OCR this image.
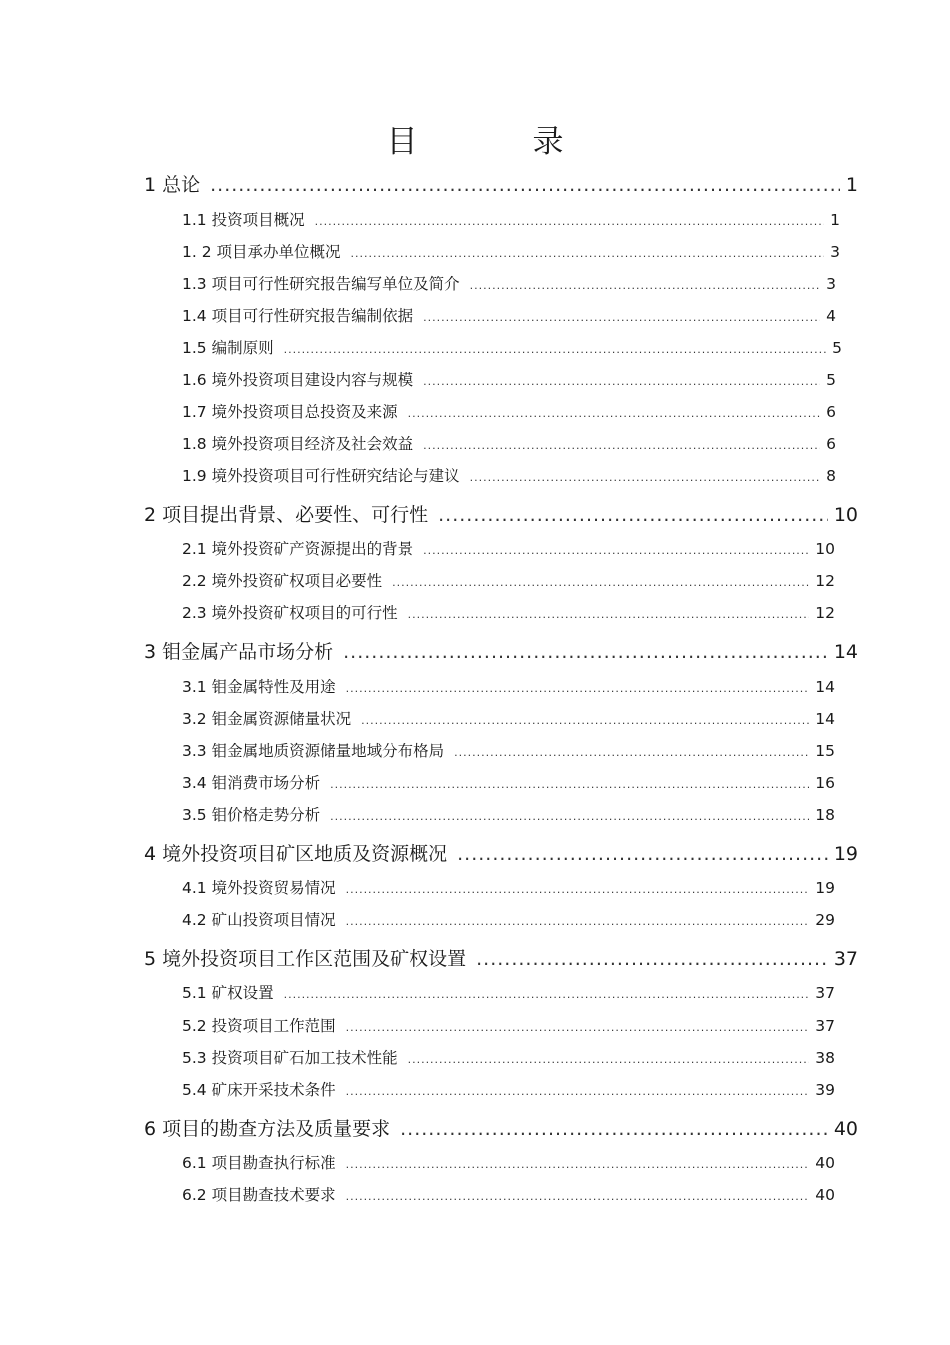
目　录
1 总论 .....	1
1.1 投资项目概况 .....	1
1. 2 项目承办单位概况 .....	3
1.3 项目可行性研究报告编写单位及简介 .....	3
1.4 项目可行性研究报告编制依据 .....	4
1.5 编制原则 .....	5
1.6 境外投资项目建设内容与规模 .....	5
1.7 境外投资项目总投资及来源 .....	6
1.8 境外投资项目经济及社会效益 .....	6
1.9 境外投资项目可行性研究结论与建议 .....	8
2 项目提出背景、必要性、可行性 .....	10
2.1 境外投资矿产资源提出的背景 .....	10
2.2 境外投资矿权项目必要性 .....	12
2.3 境外投资矿权项目的可行性 .....	12
3 钼金属产品市场分析 .....	14
3.1 钼金属特性及用途 .....	14
3.2 钼金属资源储量状况 .....	14
3.3 钼金属地质资源储量地域分布格局 .....	15
3.4 钼消费市场分析 .....	16
3.5 钼价格走势分析 .....	18
4 境外投资项目矿区地质及资源概况 .....	19
4.1 境外投资贸易情况 .....	19
4.2 矿山投资项目情况 .....	29
5 境外投资项目工作区范围及矿权设置 .....	37
5.1 矿权设置 .....	37
5.2 投资项目工作范围 .....	37
5.3 投资项目矿石加工技术性能 .....	38
5.4 矿床开采技术条件 .....	39
6 项目的勘查方法及质量要求 .....	40
6.1 项目勘查执行标准 .....	40
6.2 项目勘查技术要求 .....	40
